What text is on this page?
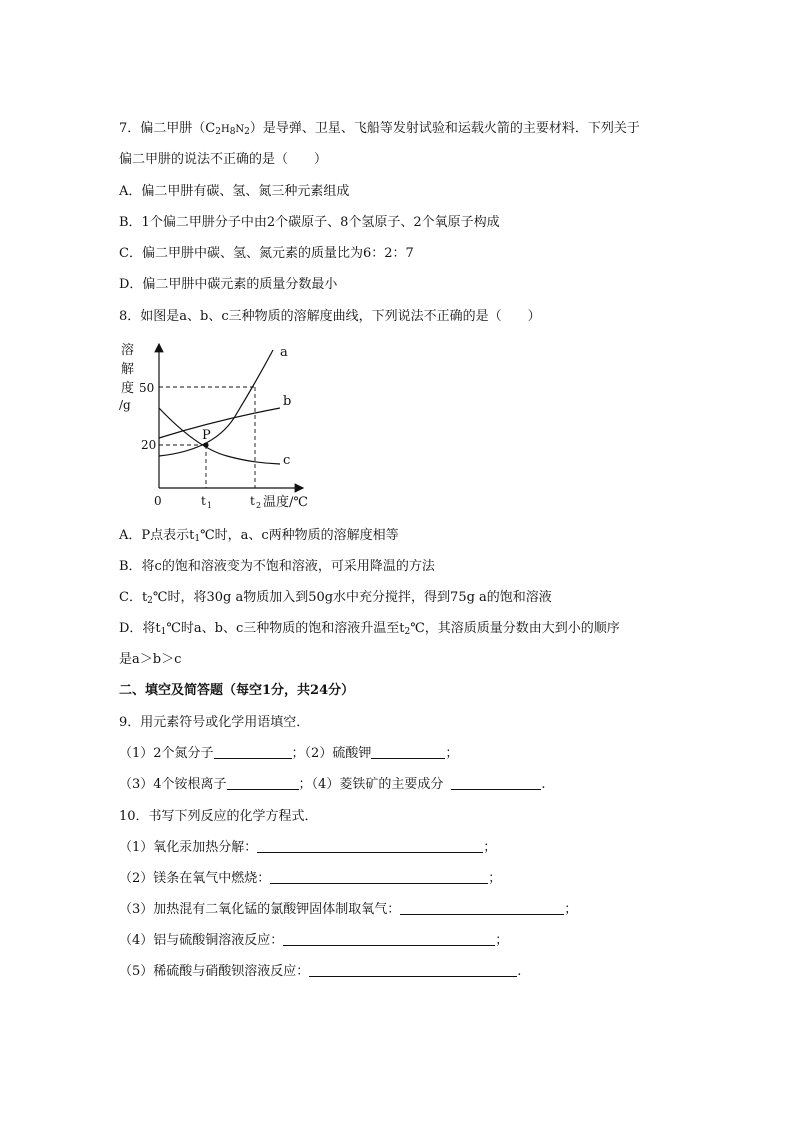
7．偏二甲肼$(C_2H_8N_2)$是导弹、卫星、飞船等发射试验和运载火箭的主要材料．下列关于
偏二甲肼的说法不正确的是（　　）
A．偏二甲肼有碳、氢、氮三种元素组成
B．1个偏二甲肼分子中由2个碳原子、8个氢原子、2个氧原子构成
C．偏二甲肼中碳、氢、氮元素的质量比为6：2：7
D．偏二甲肼中碳元素的质量分数最小
8．如图是a、b、c三种物质的溶解度曲线，下列说法不正确的是（　　）
溶
解
度
/g
a
b
c
P
50
20
0	t 1	t 2 温度/℃
A．P点表示$t_1℃$时，a、c两种物质的溶解度相等
B．将c的饱和溶液变为不饱和溶液，可采用降温的方法
C．$t_2℃$时，将30g a物质加入到50g水中充分搅拌，得到75g a的饱和溶液
D．将$t_1℃$时a、b、c三种物质的饱和溶液升温至$t_2℃$，其溶质质量分数由大到小的顺序
是a＞b＞c
二、填空及简答题（每空1分，共24分）
9．用元素符号或化学用语填空．
（1）2个氮分子	；（2）硫酸钾	；
（3）4个铵根离子	；（4）菱铁矿的主要成分	.
10．书写下列反应的化学方程式．
（1）氧化汞加热分解：	；
（2）镁条在氧气中燃烧：	；
（3）加热混有二氧化锰的氯酸钾固体制取氧气：	；
（4）铝与硫酸铜溶液反应：	；
（5）稀硫酸与硝酸钡溶液反应：	.
